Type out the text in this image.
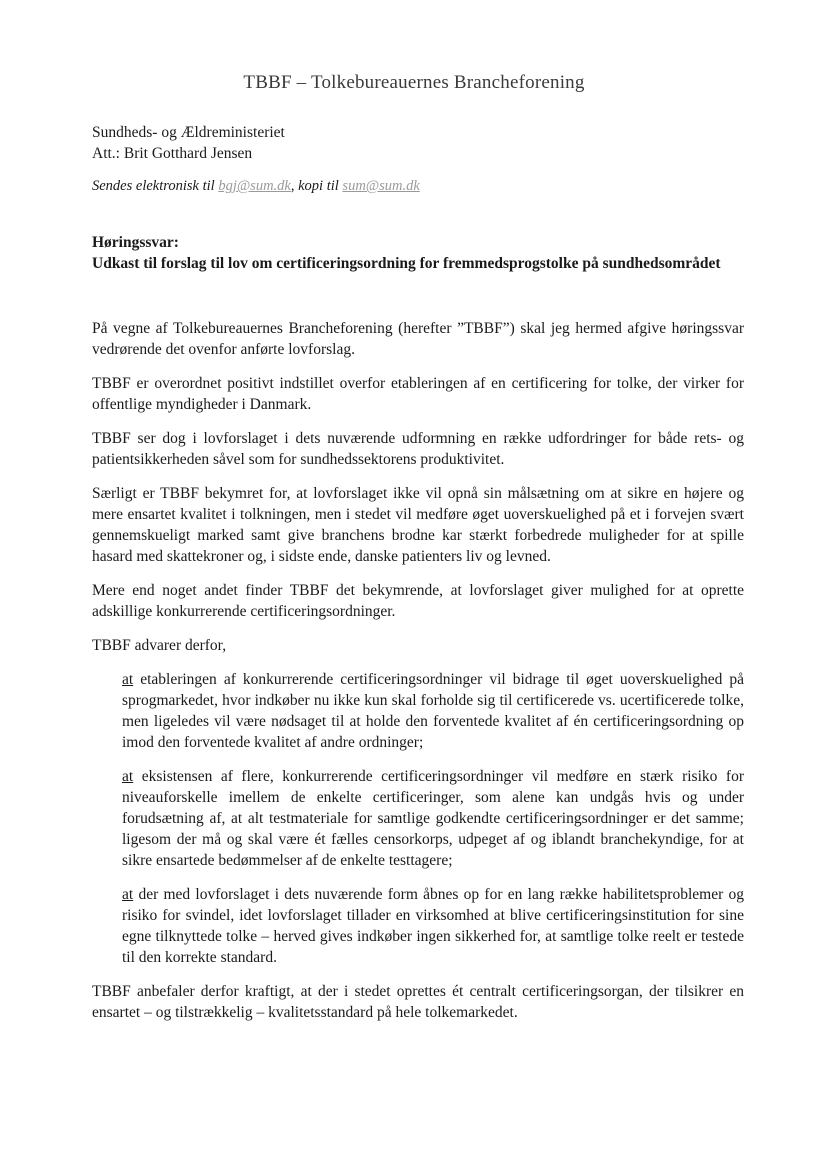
TBBF – Tolkebureauernes Brancheforening
Sundheds- og Ældreministeriet
Att.: Brit Gotthard Jensen
Sendes elektronisk til bgj@sum.dk, kopi til sum@sum.dk
Høringssvar:
Udkast til forslag til lov om certificeringsordning for fremmedsprogstolke på sundhedsområdet

På vegne af Tolkebureauernes Brancheforening (herefter ”TBBF”) skal jeg hermed afgive høringssvar vedrørende det ovenfor anførte lovforslag.

TBBF er overordnet positivt indstillet overfor etableringen af en certificering for tolke, der virker for offentlige myndigheder i Danmark.

TBBF ser dog i lovforslaget i dets nuværende udformning en række udfordringer for både rets- og patientsikkerheden såvel som for sundhedssektorens produktivitet.

Særligt er TBBF bekymret for, at lovforslaget ikke vil opnå sin målsætning om at sikre en højere og mere ensartet kvalitet i tolkningen, men i stedet vil medføre øget uoverskuelighed på et i forvejen svært gennemskueligt marked samt give branchens brodne kar stærkt forbedrede muligheder for at spille hasard med skattekroner og, i sidste ende, danske patienters liv og levned.

Mere end noget andet finder TBBF det bekymrende, at lovforslaget giver mulighed for at oprette adskillige konkurrerende certificeringsordninger.

TBBF advarer derfor,

at etableringen af konkurrerende certificeringsordninger vil bidrage til øget uoverskuelighed på sprogmarkedet, hvor indkøber nu ikke kun skal forholde sig til certificerede vs. ucertificerede tolke, men ligeledes vil være nødsaget til at holde den forventede kvalitet af én certificeringsordning op imod den forventede kvalitet af andre ordninger;

at eksistensen af flere, konkurrerende certificeringsordninger vil medføre en stærk risiko for niveauforskelle imellem de enkelte certificeringer, som alene kan undgås hvis og under forudsætning af, at alt testmateriale for samtlige godkendte certificeringsordninger er det samme; ligesom der må og skal være ét fælles censorkorps, udpeget af og iblandt branchekyndige, for at sikre ensartede bedømmelser af de enkelte testtagere;

at der med lovforslaget i dets nuværende form åbnes op for en lang række habilitetsproblemer og risiko for svindel, idet lovforslaget tillader en virksomhed at blive certificeringsinstitution for sine egne tilknyttede tolke – herved gives indkøber ingen sikkerhed for, at samtlige tolke reelt er testede til den korrekte standard.

TBBF anbefaler derfor kraftigt, at der i stedet oprettes ét centralt certificeringsorgan, der tilsikrer en ensartet – og tilstrækkelig – kvalitetsstandard på hele tolkemarkedet.
